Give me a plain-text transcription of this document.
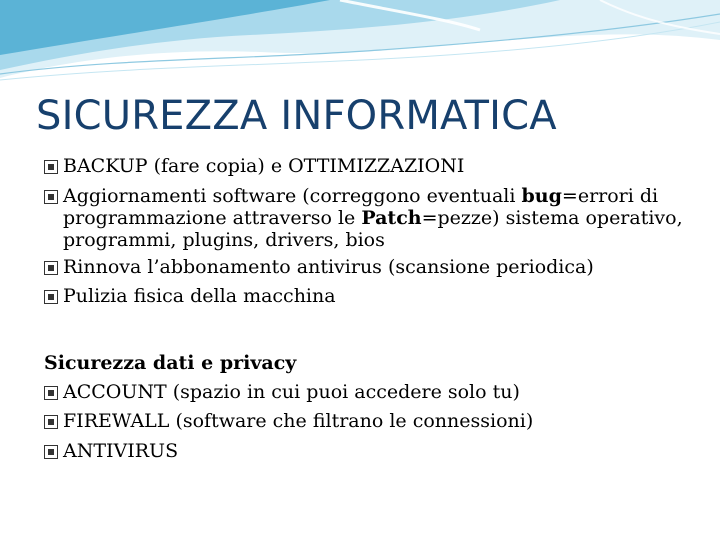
SICUREZZA INFORMATICA
BACKUP (fare copia) e OTTIMIZZAZIONI
Aggiornamenti software (correggono eventuali bug=errori di programmazione attraverso le Patch=pezze) sistema operativo, programmi, plugins, drivers, bios
Rinnova l’abbonamento antivirus (scansione periodica)
Pulizia fisica della macchina
Sicurezza dati e privacy
ACCOUNT (spazio in cui puoi accedere solo tu)
FIREWALL (software che filtrano le connessioni)
ANTIVIRUS
